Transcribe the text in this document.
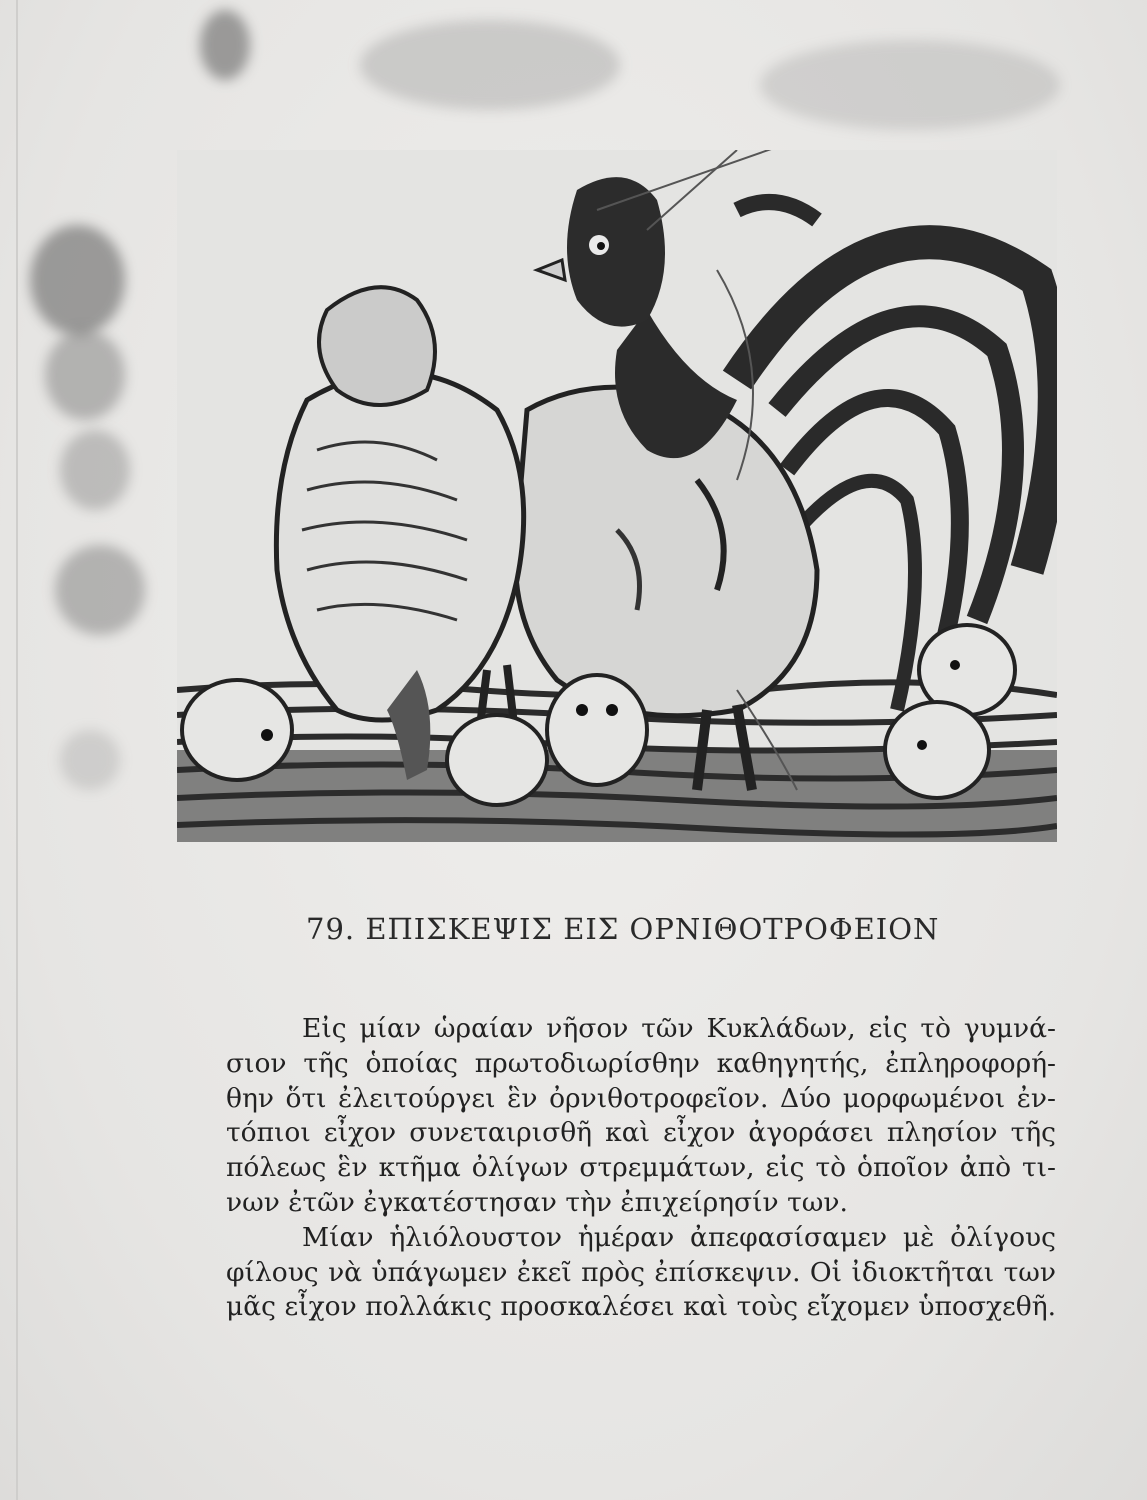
79. ΕΠΙΣΚΕΨΙΣ ΕΙΣ ΟΡΝΙΘΟΤΡΟΦΕΙΟΝ
Εἰς μίαν ὡραίαν νῆσον τῶν Κυκλάδων, εἰς τὸ γυμνά-
σιον τῆς ὁποίας πρωτοδιωρίσθην καθηγητής, ἐπληροφορή-
θην ὅτι ἐλειτούργει ἓν ὀρνιθοτροφεῖον. Δύο μορφωμένοι ἐν-
τόπιοι εἶχον συνεταιρισθῆ καὶ εἶχον ἀγοράσει πλησίον τῆς
πόλεως ἓν κτῆμα ὀλίγων στρεμμάτων, εἰς τὸ ὁποῖον ἀπὸ τι-
νων ἐτῶν ἐγκατέστησαν τὴν ἐπιχείρησίν των.
Μίαν ἡλιόλουστον ἡμέραν ἀπεφασίσαμεν μὲ ὀλίγους
φίλους νὰ ὑπάγωμεν ἐκεῖ πρὸς ἐπίσκεψιν. Οἱ ἰδιοκτῆται των
μᾶς εἶχον πολλάκις προσκαλέσει καὶ τοὺς εἴχομεν ὑποσχεθῆ.
